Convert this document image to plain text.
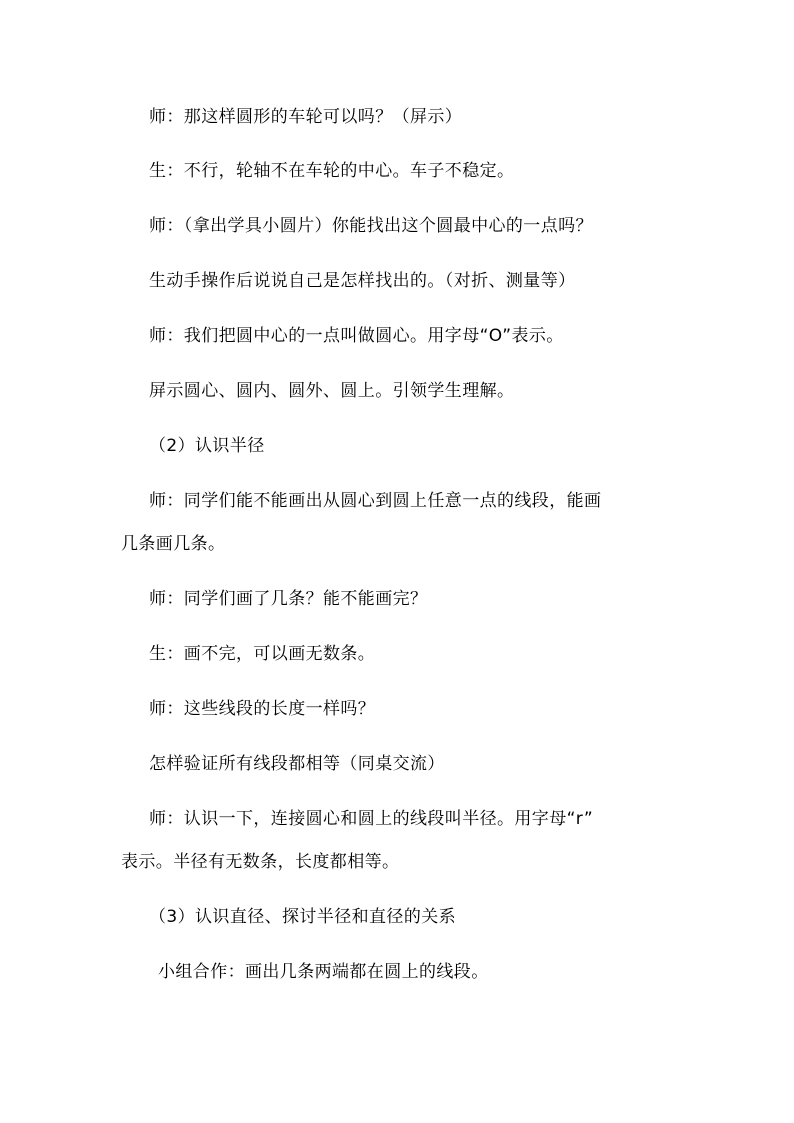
师：那这样圆形的车轮可以吗？（屏示）
生：不行，轮轴不在车轮的中心。车子不稳定。
师：（拿出学具小圆片）你能找出这个圆最中心的一点吗？
生动手操作后说说自己是怎样找出的。（对折、测量等）
师：我们把圆中心的一点叫做圆心。用字母“O”表示。
屏示圆心、圆内、圆外、圆上。引领学生理解。
（2）认识半径
师：同学们能不能画出从圆心到圆上任意一点的线段，能画
几条画几条。
师：同学们画了几条？能不能画完？
生：画不完，可以画无数条。
师：这些线段的长度一样吗？
怎样验证所有线段都相等（同桌交流）
师：认识一下，连接圆心和圆上的线段叫半径。用字母“r”
表示。半径有无数条，长度都相等。
（3）认识直径、探讨半径和直径的关系
小组合作：画出几条两端都在圆上的线段。
